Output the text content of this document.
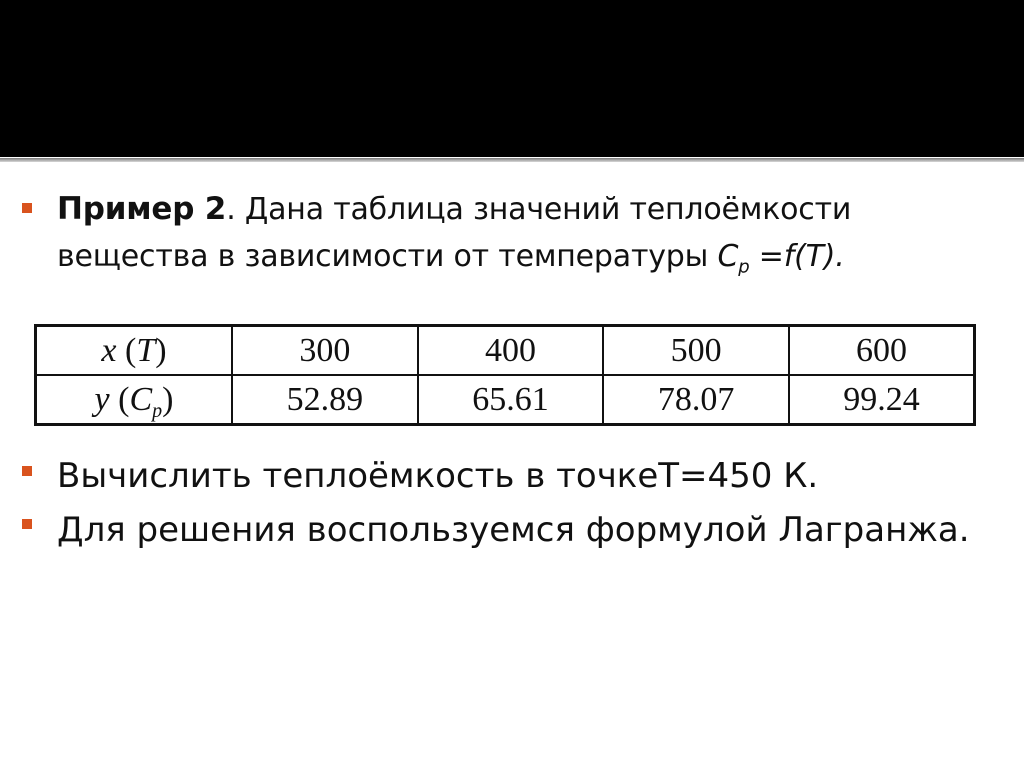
Пример 2. Дана таблица значений теплоёмкости вещества в зависимости от температуры $C_p =f(T)$.
x (T)	300	400	500	600
y $(C_p)$	52.89	65.61	78.07	99.24
Вычислить теплоёмкость в точкеТ=450 К.
Для решения воспользуемся формулой Лагранжа.
